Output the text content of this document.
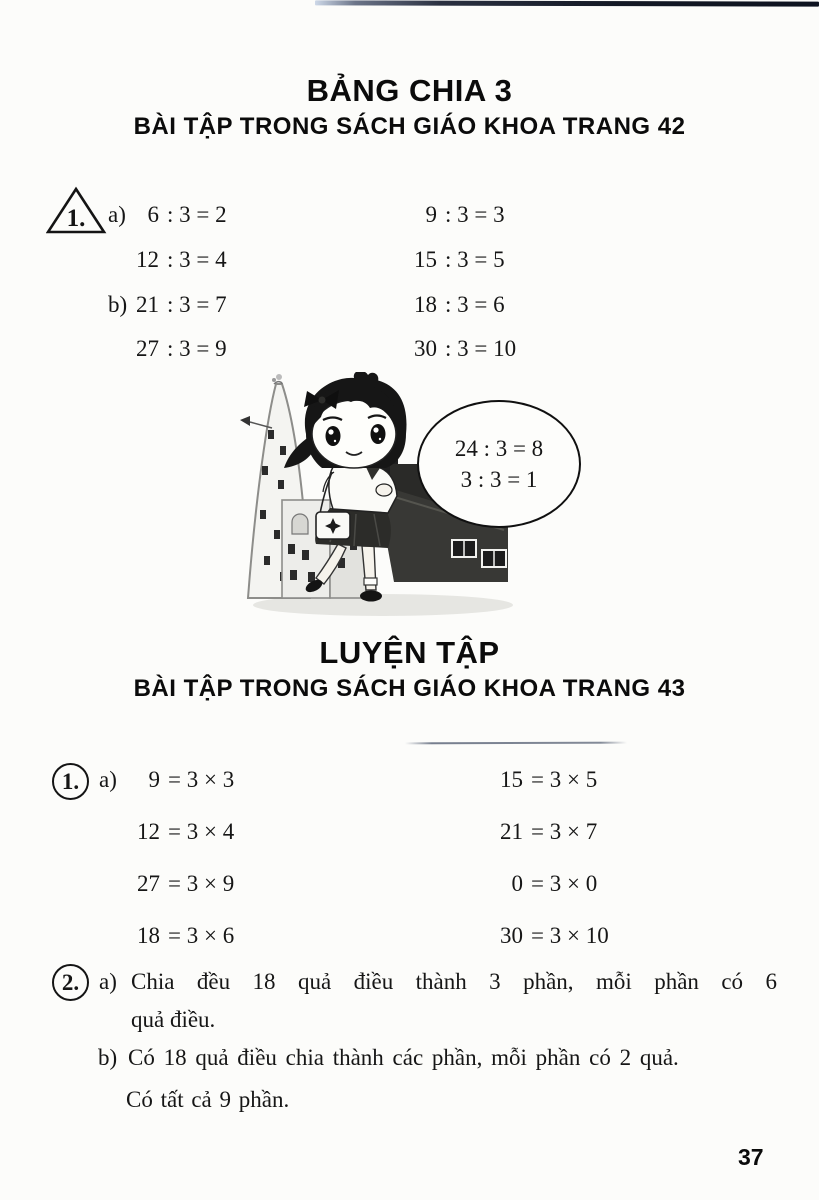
BẢNG CHIA 3
BÀI TẬP TRONG SÁCH GIÁO KHOA TRANG 42
1. a) 6 : 3 = 2	9 : 3 = 3
12 : 3 = 4	15 : 3 = 5
b) 21 : 3 = 7	18 : 3 = 6
27 : 3 = 9	30 : 3 = 10
24 : 3 = 8
3 : 3 = 1
LUYỆN TẬP
BÀI TẬP TRONG SÁCH GIÁO KHOA TRANG 43
1. a)	9 = 3 × 3	15 = 3 × 5
12 = 3 × 4	21 = 3 × 7
27 = 3 × 9	0 = 3 × 0
18 = 3 × 6	30 = 3 × 10
2. a) Chia đều 18 quả điều thành 3 phần, mỗi phần có 6
quả điều.
b) Có 18 quả điều chia thành các phần, mỗi phần có 2 quả.
Có tất cả 9 phần.
37
